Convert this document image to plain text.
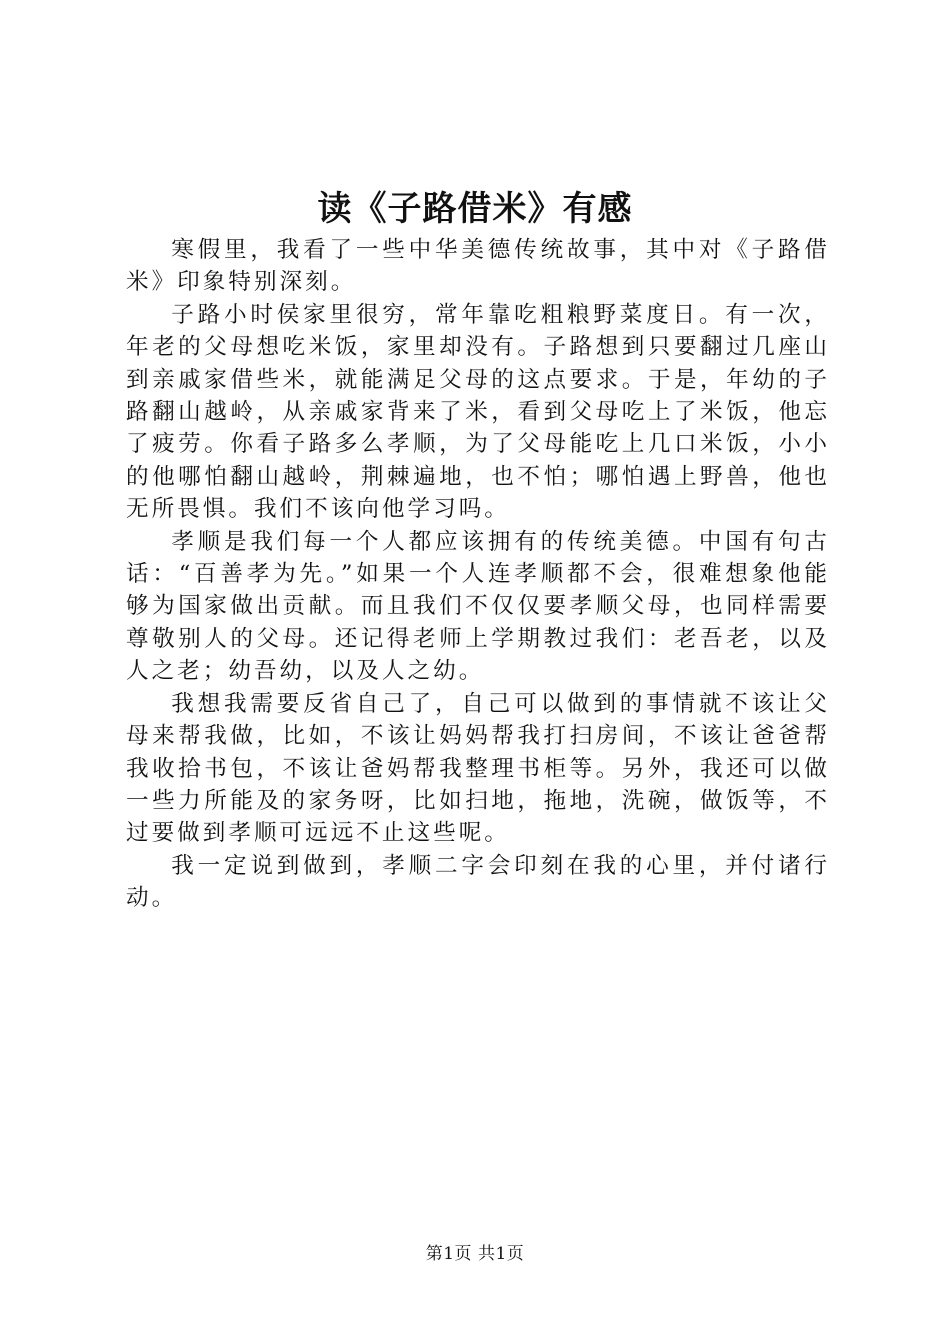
读《子路借米》有感

寒假里，我看了一些中华美德传统故事，其中对《子路借米》印象特别深刻。

子路小时侯家里很穷，常年靠吃粗粮野菜度日。有一次，年老的父母想吃米饭，家里却没有。子路想到只要翻过几座山到亲戚家借些米，就能满足父母的这点要求。于是，年幼的子路翻山越岭，从亲戚家背来了米，看到父母吃上了米饭，他忘了疲劳。你看子路多么孝顺，为了父母能吃上几口米饭，小小的他哪怕翻山越岭，荆棘遍地，也不怕；哪怕遇上野兽，他也无所畏惧。我们不该向他学习吗。

孝顺是我们每一个人都应该拥有的传统美德。中国有句古话：“百善孝为先。”如果一个人连孝顺都不会，很难想象他能够为国家做出贡献。而且我们不仅仅要孝顺父母，也同样需要尊敬别人的父母。还记得老师上学期教过我们：老吾老，以及人之老；幼吾幼，以及人之幼。

我想我需要反省自己了，自己可以做到的事情就不该让父母来帮我做，比如，不该让妈妈帮我打扫房间，不该让爸爸帮我收拾书包，不该让爸妈帮我整理书柜等。另外，我还可以做一些力所能及的家务呀，比如扫地，拖地，洗碗，做饭等，不过要做到孝顺可远远不止这些呢。

我一定说到做到，孝顺二字会印刻在我的心里，并付诸行动。

第1页 共1页
